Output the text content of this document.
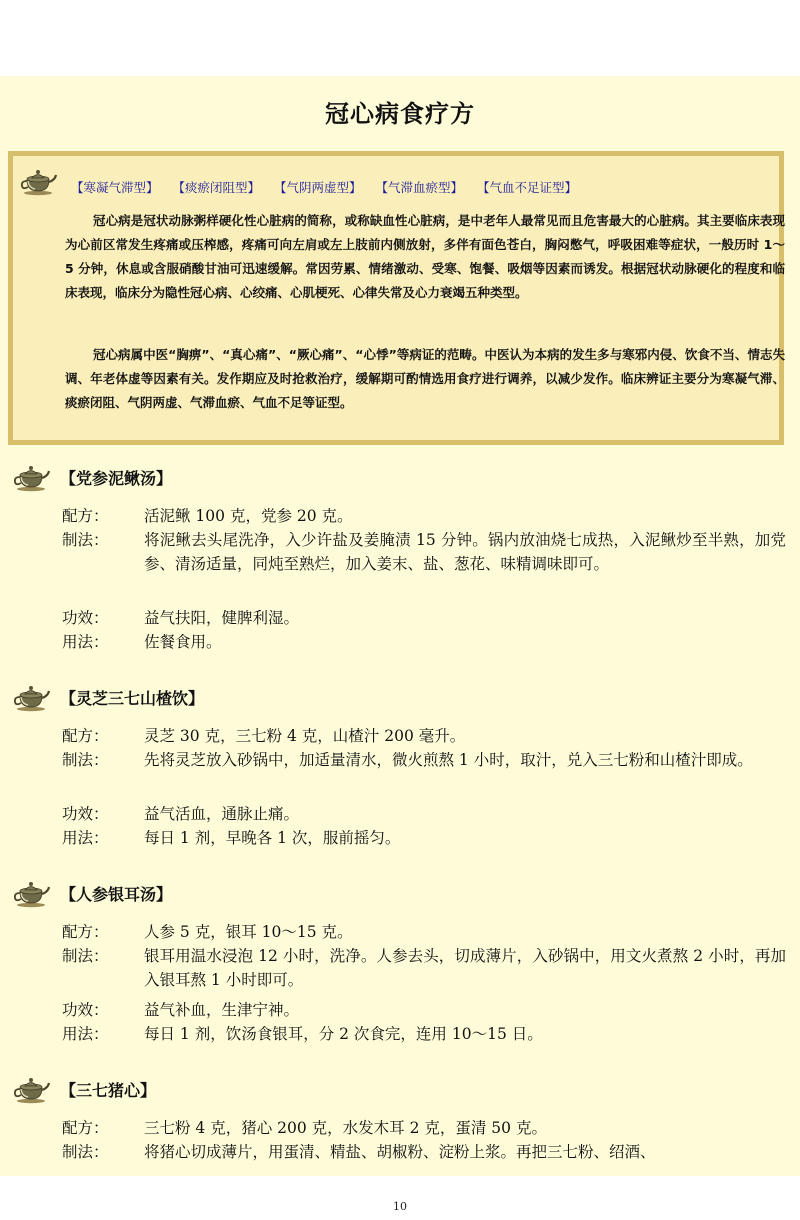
冠心病食疗方
【寒凝气滞型】 【痰瘀闭阻型】 【气阴两虚型】 【气滞血瘀型】 【气血不足证型】

冠心病是冠状动脉粥样硬化性心脏病的简称，或称缺血性心脏病，是中老年人最常见而且危害最大的心脏病。其主要临床表现为心前区常发生疼痛或压榨感，疼痛可向左肩或左上肢前内侧放射，多伴有面色苍白，胸闷憋气，呼吸困难等症状，一般历时 1～5 分钟，休息或含服硝酸甘油可迅速缓解。常因劳累、情绪激动、受寒、饱餐、吸烟等因素而诱发。根据冠状动脉硬化的程度和临床表现，临床分为隐性冠心病、心绞痛、心肌梗死、心律失常及心力衰竭五种类型。

冠心病属中医“胸痹”、“真心痛”、“厥心痛”、“心悸”等病证的范畴。中医认为本病的发生多与寒邪内侵、饮食不当、情志失调、年老体虚等因素有关。发作期应及时抢救治疗，缓解期可酌情选用食疗进行调养，以减少发作。临床辨证主要分为寒凝气滞、痰瘀闭阻、气阴两虚、气滞血瘀、气血不足等证型。

【党参泥鳅汤】
配方： 活泥鳅 100 克，党参 20 克。
制法： 将泥鳅去头尾洗净，入少许盐及姜腌渍 15 分钟。锅内放油烧七成热，入泥鳅炒至半熟，加党参、清汤适量，同炖至熟烂，加入姜末、盐、葱花、味精调味即可。
功效： 益气扶阳，健脾利湿。
用法： 佐餐食用。
【灵芝三七山楂饮】
配方： 灵芝 30 克，三七粉 4 克，山楂汁 200 毫升。
制法： 先将灵芝放入砂锅中，加适量清水，微火煎熬 1 小时，取汁，兑入三七粉和山楂汁即成。
功效： 益气活血，通脉止痛。
用法： 每日 1 剂，早晚各 1 次，服前摇匀。
【人参银耳汤】
配方： 人参 5 克，银耳 10～15 克。
制法： 银耳用温水浸泡 12 小时，洗净。人参去头，切成薄片，入砂锅中，用文火煮熬 2 小时，再加入银耳熬 1 小时即可。
功效： 益气补血，生津宁神。
用法： 每日 1 剂，饮汤食银耳，分 2 次食完，连用 10～15 日。
【三七猪心】
配方： 三七粉 4 克，猪心 200 克，水发木耳 2 克，蛋清 50 克。
制法： 将猪心切成薄片，用蛋清、精盐、胡椒粉、淀粉上浆。再把三七粉、绍酒、
10
